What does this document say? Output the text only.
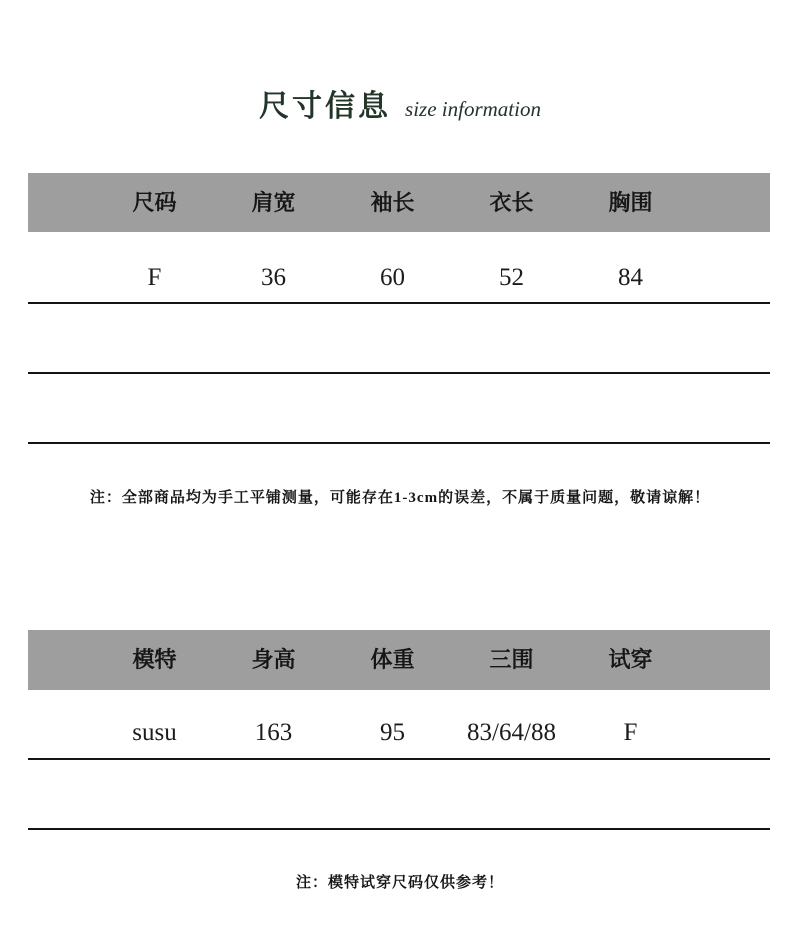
尺寸信息 size information
尺码	肩宽	袖长	衣长	胸围
F	36	60	52	84

注：全部商品均为手工平铺测量，可能存在1-3cm的误差，不属于质量问题，敬请谅解！

模特	身高	体重	三围	试穿
susu	163	95	83/64/88	F

注：模特试穿尺码仅供参考！
